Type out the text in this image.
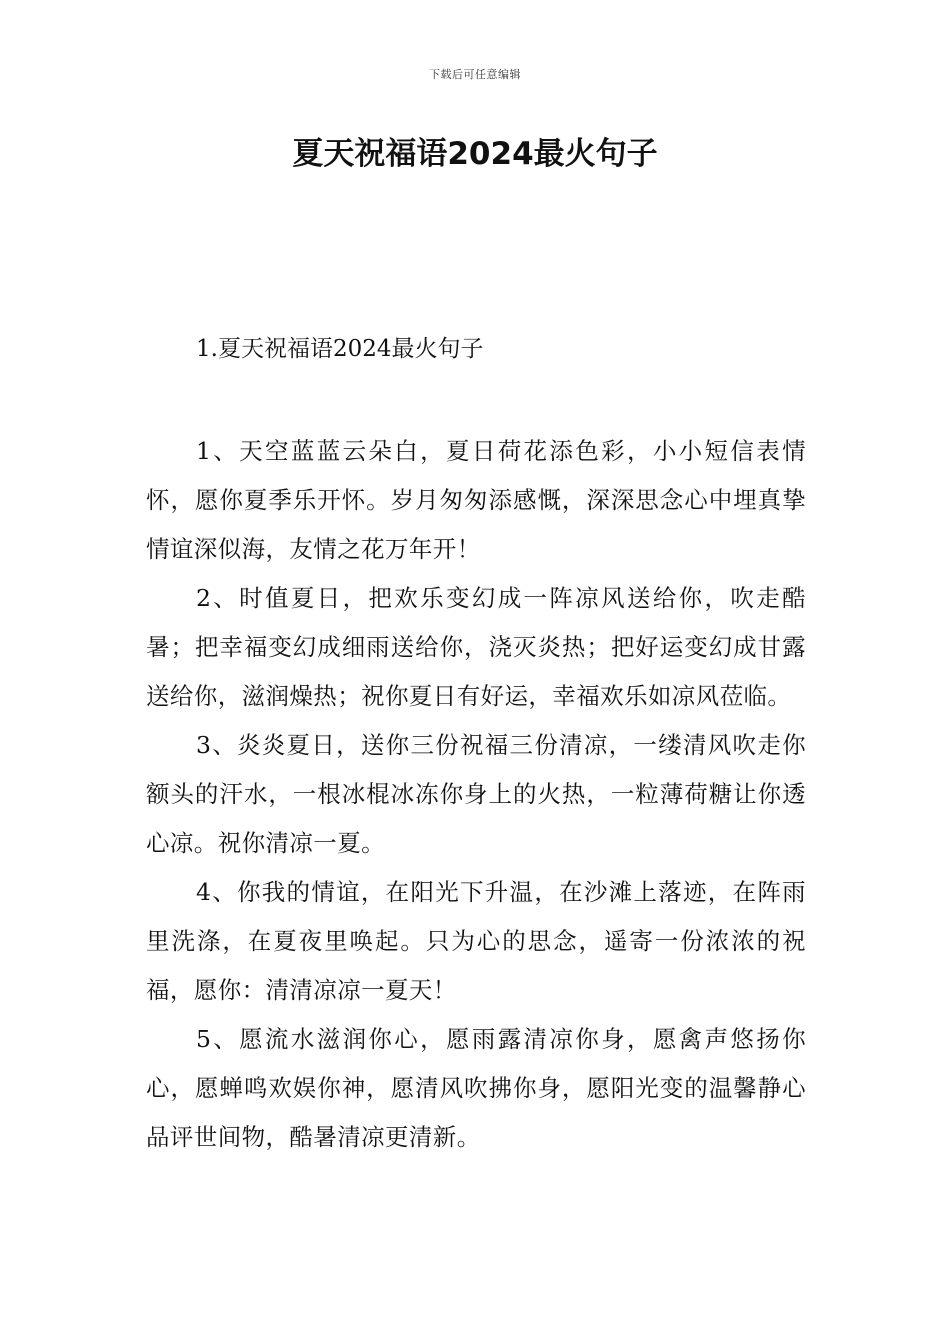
下载后可任意编辑
夏天祝福语2024最火句子
1.夏天祝福语2024最火句子

1、天空蓝蓝云朵白，夏日荷花添色彩，小小短信表情怀，愿你夏季乐开怀。岁月匆匆添感慨，深深思念心中埋真挚情谊深似海，友情之花万年开！

2、时值夏日，把欢乐变幻成一阵凉风送给你，吹走酷暑；把幸福变幻成细雨送给你，浇灭炎热；把好运变幻成甘露送给你，滋润燥热；祝你夏日有好运，幸福欢乐如凉风莅临。

3、炎炎夏日，送你三份祝福三份清凉，一缕清风吹走你额头的汗水，一根冰棍冰冻你身上的火热，一粒薄荷糖让你透心凉。祝你清凉一夏。

4、你我的情谊，在阳光下升温，在沙滩上落迹，在阵雨里洗涤，在夏夜里唤起。只为心的思念，遥寄一份浓浓的祝福，愿你：清清凉凉一夏天！

5、愿流水滋润你心，愿雨露清凉你身，愿禽声悠扬你心，愿蝉鸣欢娱你神，愿清风吹拂你身，愿阳光变的温馨静心品评世间物，酷暑清凉更清新。
